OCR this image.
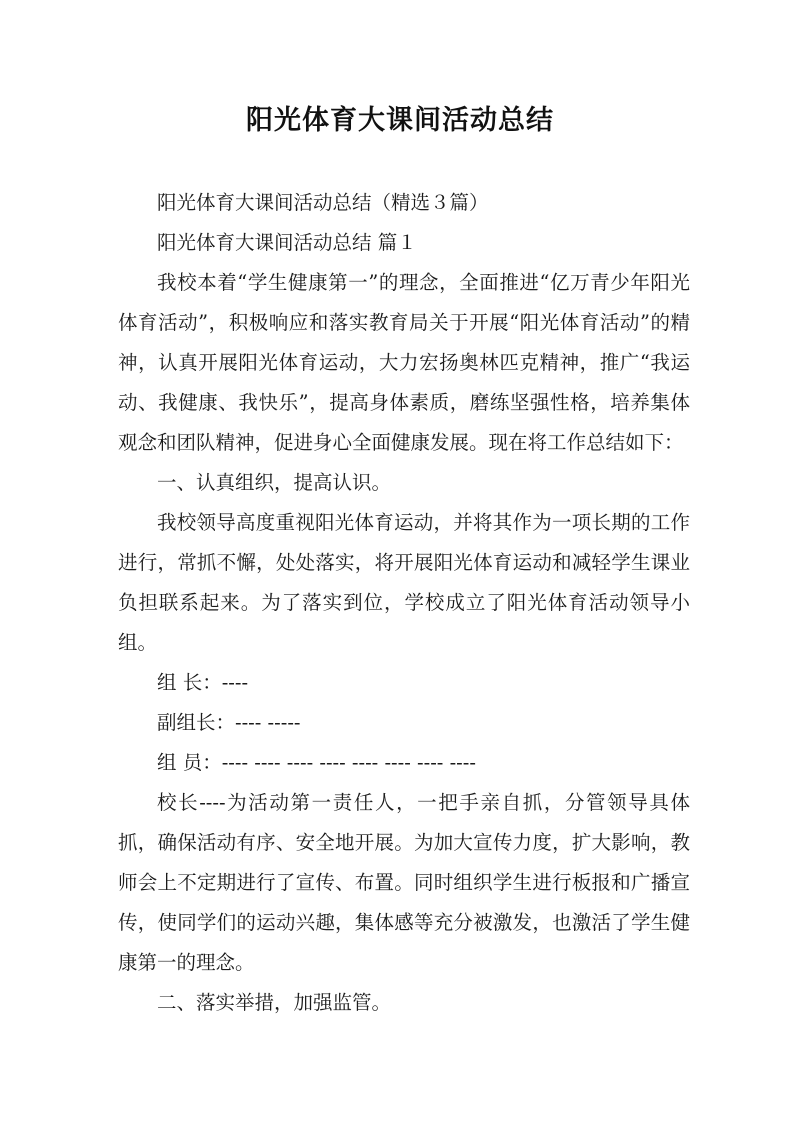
阳光体育大课间活动总结

阳光体育大课间活动总结（精选３篇）

阳光体育大课间活动总结 篇１

我校本着“学生健康第一”的理念，全面推进“亿万青少年阳光体育活动”，积极响应和落实教育局关于开展“阳光体育活动”的精神，认真开展阳光体育运动，大力宏扬奥林匹克精神，推广“我运动、我健康、我快乐”，提高身体素质，磨练坚强性格，培养集体观念和团队精神，促进身心全面健康发展。现在将工作总结如下：

一、认真组织，提高认识。

我校领导高度重视阳光体育运动，并将其作为一项长期的工作进行，常抓不懈，处处落实，将开展阳光体育运动和减轻学生课业负担联系起来。为了落实到位，学校成立了阳光体育活动领导小组。

组 长：----

副组长：---- -----

组 员：---- ---- ---- ---- ---- ---- ---- ----

校长----为活动第一责任人，一把手亲自抓，分管领导具体抓，确保活动有序、安全地开展。为加大宣传力度，扩大影响，教师会上不定期进行了宣传、布置。同时组织学生进行板报和广播宣传，使同学们的运动兴趣，集体感等充分被激发，也激活了学生健康第一的理念。

二、落实举措，加强监管。
